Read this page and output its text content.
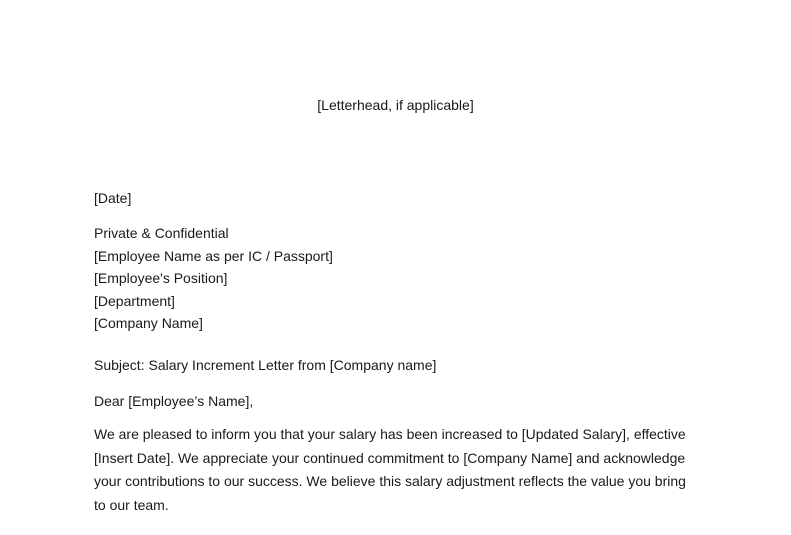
[Letterhead, if applicable]
[Date]
Private & Confidential
[Employee Name as per IC / Passport]
[Employee's Position]
[Department]
[Company Name]
Subject: Salary Increment Letter from [Company name]
Dear [Employee’s Name],
We are pleased to inform you that your salary has been increased to [Updated Salary], effective
[Insert Date]. We appreciate your continued commitment to [Company Name] and acknowledge
your contributions to our success. We believe this salary adjustment reflects the value you bring
to our team.
